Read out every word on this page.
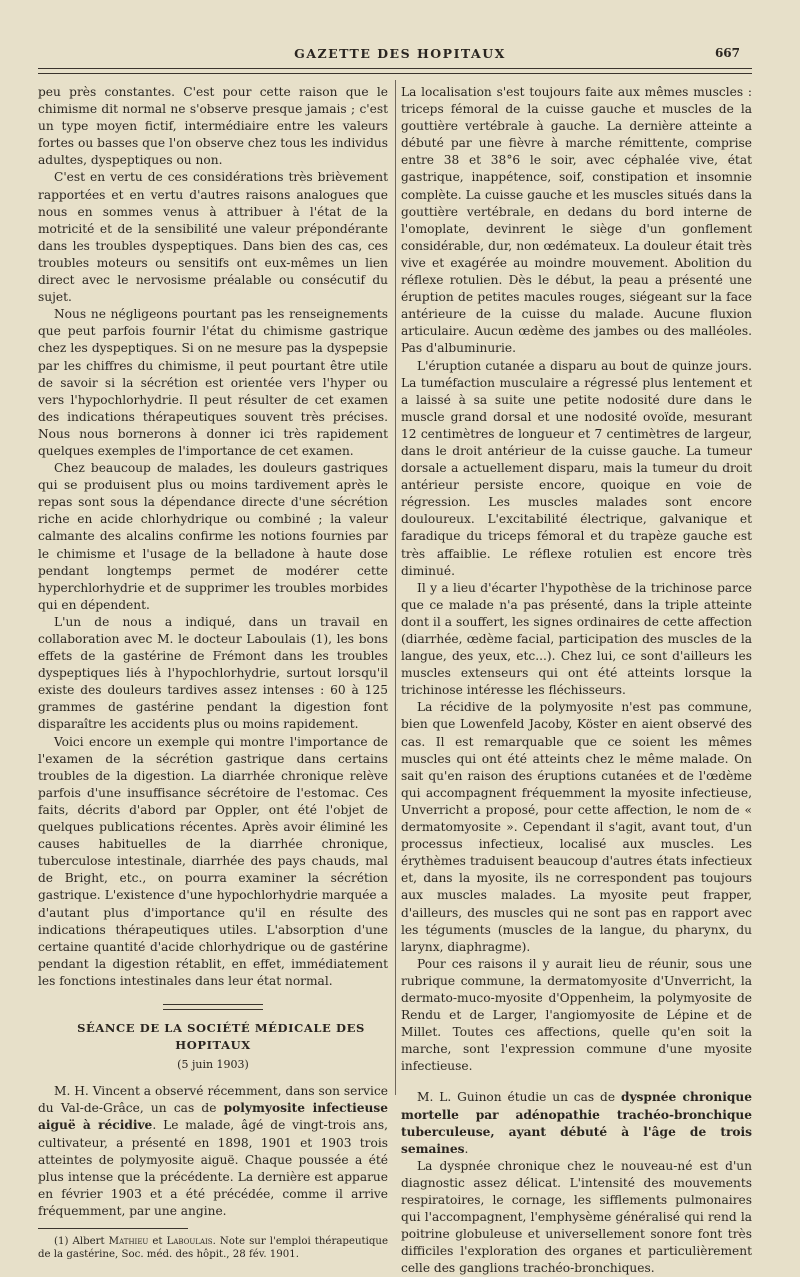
GAZETTE DES HOPITAUX	667

peu près constantes. C'est pour cette raison que le chimisme dit normal ne s'observe presque jamais ; c'est un type moyen fictif, intermédiaire entre les valeurs fortes ou basses que l'on observe chez tous les individus adultes, dyspeptiques ou non.

C'est en vertu de ces considérations très brièvement rapportées et en vertu d'autres raisons analogues que nous en sommes venus à attribuer à l'état de la motricité et de la sensibilité une valeur prépondérante dans les troubles dyspeptiques. Dans bien des cas, ces troubles moteurs ou sensitifs ont eux-mêmes un lien direct avec le nervosisme préalable ou consécutif du sujet.

Nous ne négligeons pourtant pas les renseignements que peut parfois fournir l'état du chimisme gastrique chez les dyspeptiques. Si on ne mesure pas la dyspepsie par les chiffres du chimisme, il peut pourtant être utile de savoir si la sécrétion est orientée vers l'hyper ou vers l'hypochlorhydrie. Il peut résulter de cet examen des indications thérapeutiques souvent très précises. Nous nous bornerons à donner ici très rapidement quelques exemples de l'importance de cet examen.

Chez beaucoup de malades, les douleurs gastriques qui se produisent plus ou moins tardivement après le repas sont sous la dépendance directe d'une sécrétion riche en acide chlorhydrique ou combiné ; la valeur calmante des alcalins confirme les notions fournies par le chimisme et l'usage de la belladone à haute dose pendant longtemps permet de modérer cette hyperchlorhydrie et de supprimer les troubles morbides qui en dépendent.

L'un de nous a indiqué, dans un travail en collaboration avec M. le docteur Laboulais (1), les bons effets de la gastérine de Frémont dans les troubles dyspeptiques liés à l'hypochlorhydrie, surtout lorsqu'il existe des douleurs tardives assez intenses : 60 à 125 grammes de gastérine pendant la digestion font disparaître les accidents plus ou moins rapidement.

Voici encore un exemple qui montre l'importance de l'examen de la sécrétion gastrique dans certains troubles de la digestion. La diarrhée chronique relève parfois d'une insuffisance sécrétoire de l'estomac. Ces faits, décrits d'abord par Oppler, ont été l'objet de quelques publications récentes. Après avoir éliminé les causes habituelles de la diarrhée chronique, tuberculose intestinale, diarrhée des pays chauds, mal de Bright, etc., on pourra examiner la sécrétion gastrique. L'existence d'une hypochlorhydrie marquée a d'autant plus d'importance qu'il en résulte des indications thérapeutiques utiles. L'absorption d'une certaine quantité d'acide chlorhydrique ou de gastérine pendant la digestion rétablit, en effet, immédiatement les fonctions intestinales dans leur état normal.

SÉANCE DE LA SOCIÉTÉ MÉDICALE DES HOPITAUX

(5 juin 1903)

M. H. Vincent a observé récemment, dans son service du Val-de-Grâce, un cas de polymyosite infectieuse aiguë à récidive. Le malade, âgé de vingt-trois ans, cultivateur, a présenté en 1898, 1901 et 1903 trois atteintes de polymyosite aiguë. Chaque poussée a été plus intense que la précédente. La dernière est apparue en février 1903 et a été précédée, comme il arrive fréquemment, par une angine.

(1) Albert Mathieu et Laboulais. Note sur l'emploi thérapeutique de la gastérine, Soc. méd. des hôpit., 28 fév. 1901.

La localisation s'est toujours faite aux mêmes muscles : triceps fémoral de la cuisse gauche et muscles de la gouttière vertébrale à gauche. La dernière atteinte a débuté par une fièvre à marche rémittente, comprise entre 38 et 38°6 le soir, avec céphalée vive, état gastrique, inappétence, soif, constipation et insomnie complète. La cuisse gauche et les muscles situés dans la gouttière vertébrale, en dedans du bord interne de l'omoplate, devinrent le siège d'un gonflement considérable, dur, non œdémateux. La douleur était très vive et exagérée au moindre mouvement. Abolition du réflexe rotulien. Dès le début, la peau a présenté une éruption de petites macules rouges, siégeant sur la face antérieure de la cuisse du malade. Aucune fluxion articulaire. Aucun œdème des jambes ou des malléoles. Pas d'albuminurie.

L'éruption cutanée a disparu au bout de quinze jours. La tuméfaction musculaire a régressé plus lentement et a laissé à sa suite une petite nodosité dure dans le muscle grand dorsal et une nodosité ovoïde, mesurant 12 centimètres de longueur et 7 centimètres de largeur, dans le droit antérieur de la cuisse gauche. La tumeur dorsale a actuellement disparu, mais la tumeur du droit antérieur persiste encore, quoique en voie de régression. Les muscles malades sont encore douloureux. L'excitabilité électrique, galvanique et faradique du triceps fémoral et du trapèze gauche est très affaiblie. Le réflexe rotulien est encore très diminué.

Il y a lieu d'écarter l'hypothèse de la trichinose parce que ce malade n'a pas présenté, dans la triple atteinte dont il a souffert, les signes ordinaires de cette affection (diarrhée, œdème facial, participation des muscles de la langue, des yeux, etc...). Chez lui, ce sont d'ailleurs les muscles extenseurs qui ont été atteints lorsque la trichinose intéresse les fléchisseurs.

La récidive de la polymyosite n'est pas commune, bien que Lowenfeld Jacoby, Köster en aient observé des cas. Il est remarquable que ce soient les mêmes muscles qui ont été atteints chez le même malade. On sait qu'en raison des éruptions cutanées et de l'œdème qui accompagnent fréquemment la myosite infectieuse, Unverricht a proposé, pour cette affection, le nom de « dermatomyosite ». Cependant il s'agit, avant tout, d'un processus infectieux, localisé aux muscles. Les érythèmes traduisent beaucoup d'autres états infectieux et, dans la myosite, ils ne correspondent pas toujours aux muscles malades. La myosite peut frapper, d'ailleurs, des muscles qui ne sont pas en rapport avec les téguments (muscles de la langue, du pharynx, du larynx, diaphragme).

Pour ces raisons il y aurait lieu de réunir, sous une rubrique commune, la dermatomyosite d'Unverricht, la dermato-muco-myosite d'Oppenheim, la polymyosite de Rendu et de Larger, l'angiomyosite de Lépine et de Millet. Toutes ces affections, quelle qu'en soit la marche, sont l'expression commune d'une myosite infectieuse.

M. L. Guinon étudie un cas de dyspnée chronique mortelle par adénopathie trachéo-bronchique tuberculeuse, ayant débuté à l'âge de trois semaines.

La dyspnée chronique chez le nouveau-né est d'un diagnostic assez délicat. L'intensité des mouvements respiratoires, le cornage, les sifflements pulmonaires qui l'accompagnent, l'emphysème généralisé qui rend la poitrine globuleuse et universellement sonore font très difficiles l'exploration des organes et particulièrement celle des ganglions trachéo-bronchiques.
